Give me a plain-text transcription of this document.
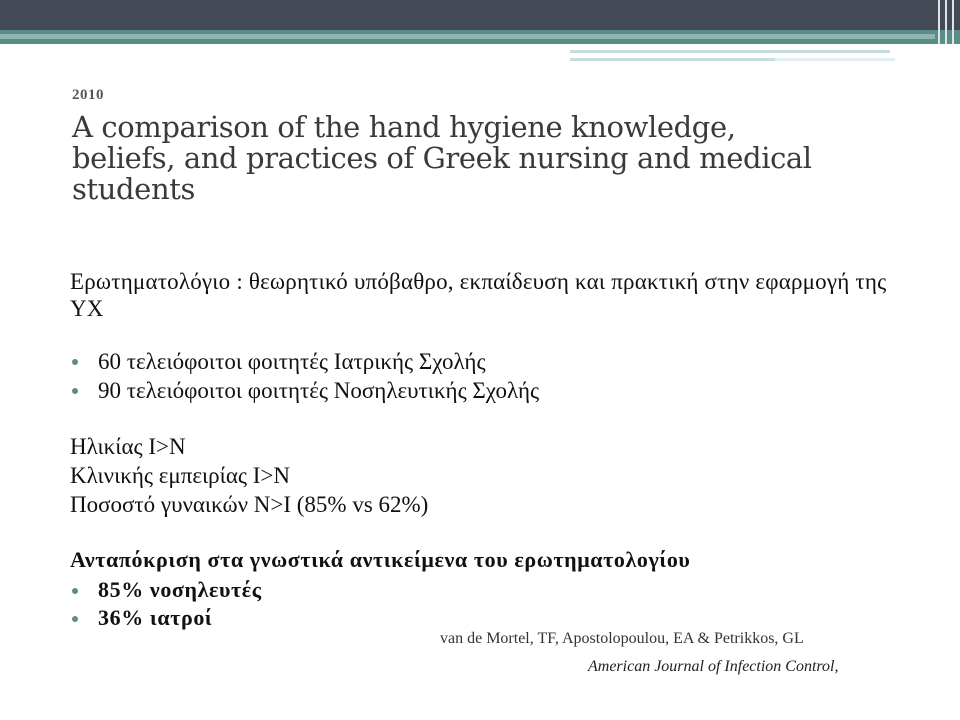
2010
A comparison of the hand hygiene knowledge,
beliefs, and practices of Greek nursing and medical
students

Ερωτηματολόγιο : θεωρητικό υπόβαθρο, εκπαίδευση και πρακτική στην εφαρμογή της ΥΧ

60 τελειόφοιτοι φοιτητές Ιατρικής Σχολής
90 τελειόφοιτοι φοιτητές Νοσηλευτικής Σχολής

Ηλικίας Ι>Ν

Κλινικής εμπειρίας Ι>Ν

Ποσοστό γυναικών Ν>Ι (85% vs 62%)

Ανταπόκριση στα γνωστικά αντικείμενα του ερωτηματολογίου

85% νοσηλευτές
36% ιατροί
van de Mortel, TF, Apostolopoulou, EA & Petrikkos, GL
American Journal of Infection Control,
